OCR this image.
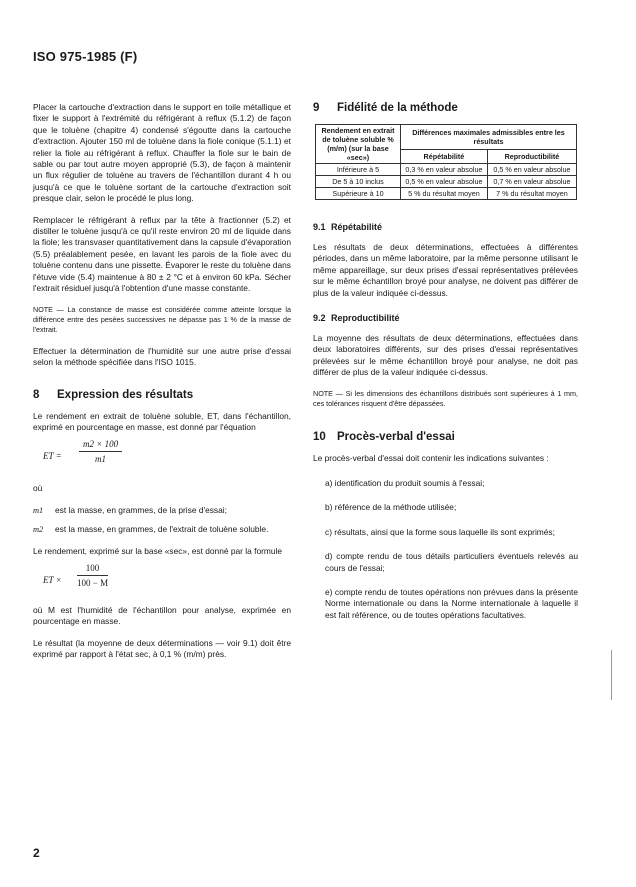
ISO 975-1985 (F)

Placer la cartouche d'extraction dans le support en toile métallique et fixer le support à l'extrémité du réfrigérant à reflux (5.1.2) de façon que le toluène (chapitre 4) condensé s'égoutte dans la cartouche d'extraction. Ajouter 150 ml de toluène dans la fiole conique (5.1.1) et relier la fiole au réfrigérant à reflux. Chauffer la fiole sur le bain de sable ou par tout autre moyen approprié (5.3), de façon à maintenir un flux régulier de toluène au travers de l'échantillon durant 4 h ou jusqu'à ce que le toluène sortant de la cartouche d'extraction soit presque clair, selon le procédé le plus long.

Remplacer le réfrigérant à reflux par la tête à fractionner (5.2) et distiller le toluène jusqu'à ce qu'il reste environ 20 ml de liquide dans la fiole; les transvaser quantitativement dans la capsule d'évaporation (5.5) préalablement pesée, en lavant les parois de la fiole avec du toluène contenu dans une pissette. Évaporer le reste du toluène dans l'étuve vide (5.4) maintenue à 80 ± 2 °C et à environ 60 kPa. Sécher l'extrait résiduel jusqu'à l'obtention d'une masse constante.

NOTE — La constance de masse est considérée comme atteinte lorsque la différence entre des pesées successives ne dépasse pas 1 % de la masse de l'extrait.

Effectuer la détermination de l'humidité sur une autre prise d'essai selon la méthode spécifiée dans l'ISO 1015.

8 Expression des résultats

Le rendement en extrait de toluène soluble, ET, dans l'échantillon, exprimé en pourcentage en masse, est donné par l'équation

ET =
m2 × 100
m1

où

m1 est la masse, en grammes, de la prise d'essai;

m2 est la masse, en grammes, de l'extrait de toluène soluble.

Le rendement, exprimé sur la base «sec», est donné par la formule

ET ×
100
100 − M

où M est l'humidité de l'échantillon pour analyse, exprimée en pourcentage en masse.

Le résultat (la moyenne de deux déterminations — voir 9.1) doit être exprimé par rapport à l'état sec, à 0,1 % (m/m) près.

9 Fidélité de la méthode
Rendement en extrait de toluène soluble % (m/m) (sur la base «sec»)	Différences maximales admissibles entre les résultats	
	Répétabilité	Reproductibilité
Inférieure à 5	0,3 % en valeur absolue	0,5 % en valeur absolue
De 5 à 10 inclus	0,5 % en valeur absolue	0,7 % en valeur absolue
Supérieure à 10	5 % du résultat moyen	7 % du résultat moyen
9.1 Répétabilité

Les résultats de deux déterminations, effectuées à différentes périodes, dans un même laboratoire, par la même personne utilisant le même appareillage, sur deux prises d'essai représentatives prélevées sur le même échantillon broyé pour analyse, ne doivent pas différer de plus de la valeur indiquée ci-dessus.

9.2 Reproductibilité

La moyenne des résultats de deux déterminations, effectuées dans deux laboratoires différents, sur des prises d'essai représentatives prélevées sur le même échantillon broyé pour analyse, ne doit pas différer de plus de la valeur indiquée ci-dessus.

NOTE — Si les dimensions des échantillons distribués sont supérieures à 1 mm, ces tolérances risquent d'être dépassées.

10 Procès-verbal d'essai

Le procès-verbal d'essai doit contenir les indications suivantes :

a) identification du produit soumis à l'essai;

b) référence de la méthode utilisée;

c) résultats, ainsi que la forme sous laquelle ils sont exprimés;

d) compte rendu de tous détails particuliers éventuels relevés au cours de l'essai;

e) compte rendu de toutes opérations non prévues dans la présente Norme internationale ou dans la Norme internationale à laquelle il est fait référence, ou de toutes opérations facultatives.

2
